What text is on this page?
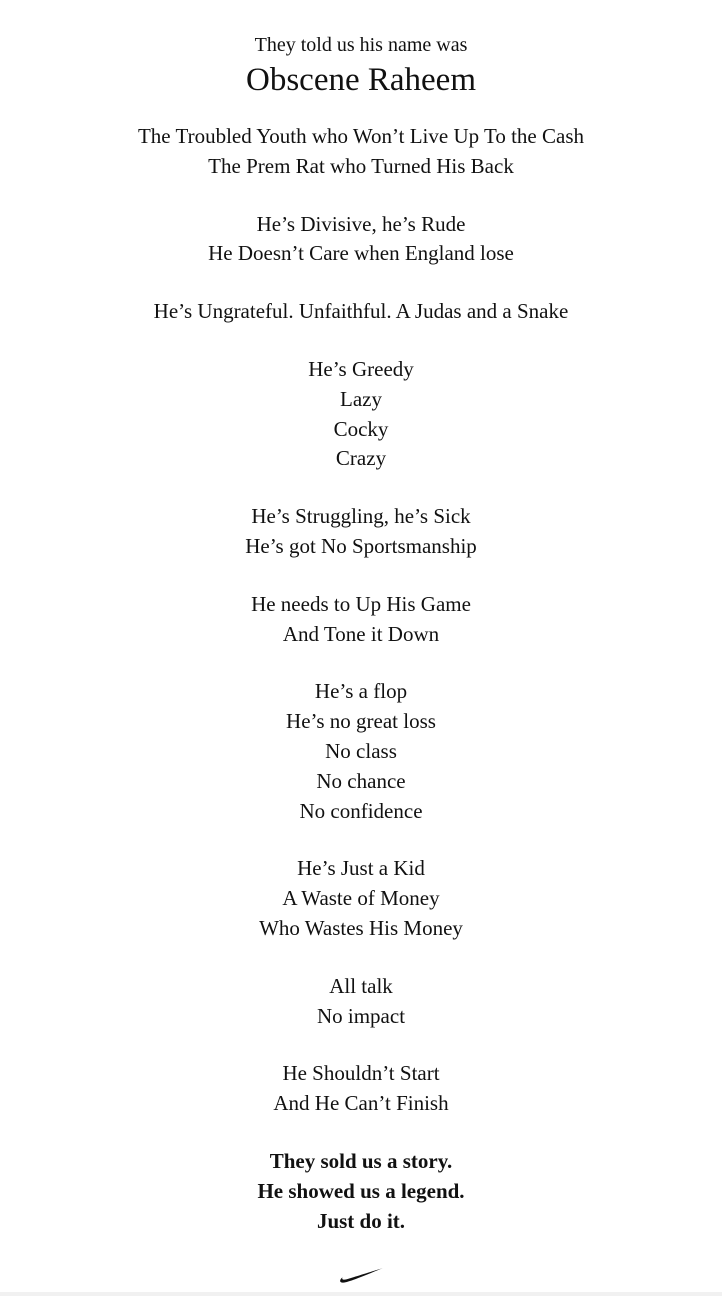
They told us his name was

Obscene Raheem
The Troubled Youth who Won’t Live Up To the Cash
The Prem Rat who Turned His Back
He’s Divisive, he’s Rude
He Doesn’t Care when England lose
He’s Ungrateful. Unfaithful. A Judas and a Snake
He’s Greedy
Lazy
Cocky
Crazy
He’s Struggling, he’s Sick
He’s got No Sportsmanship
He needs to Up His Game
And Tone it Down
He’s a flop
He’s no great loss
No class
No chance
No confidence
He’s Just a Kid
A Waste of Money
Who Wastes His Money
All talk
No impact
He Shouldn’t Start
And He Can’t Finish
They sold us a story.
He showed us a legend.
Just do it.
